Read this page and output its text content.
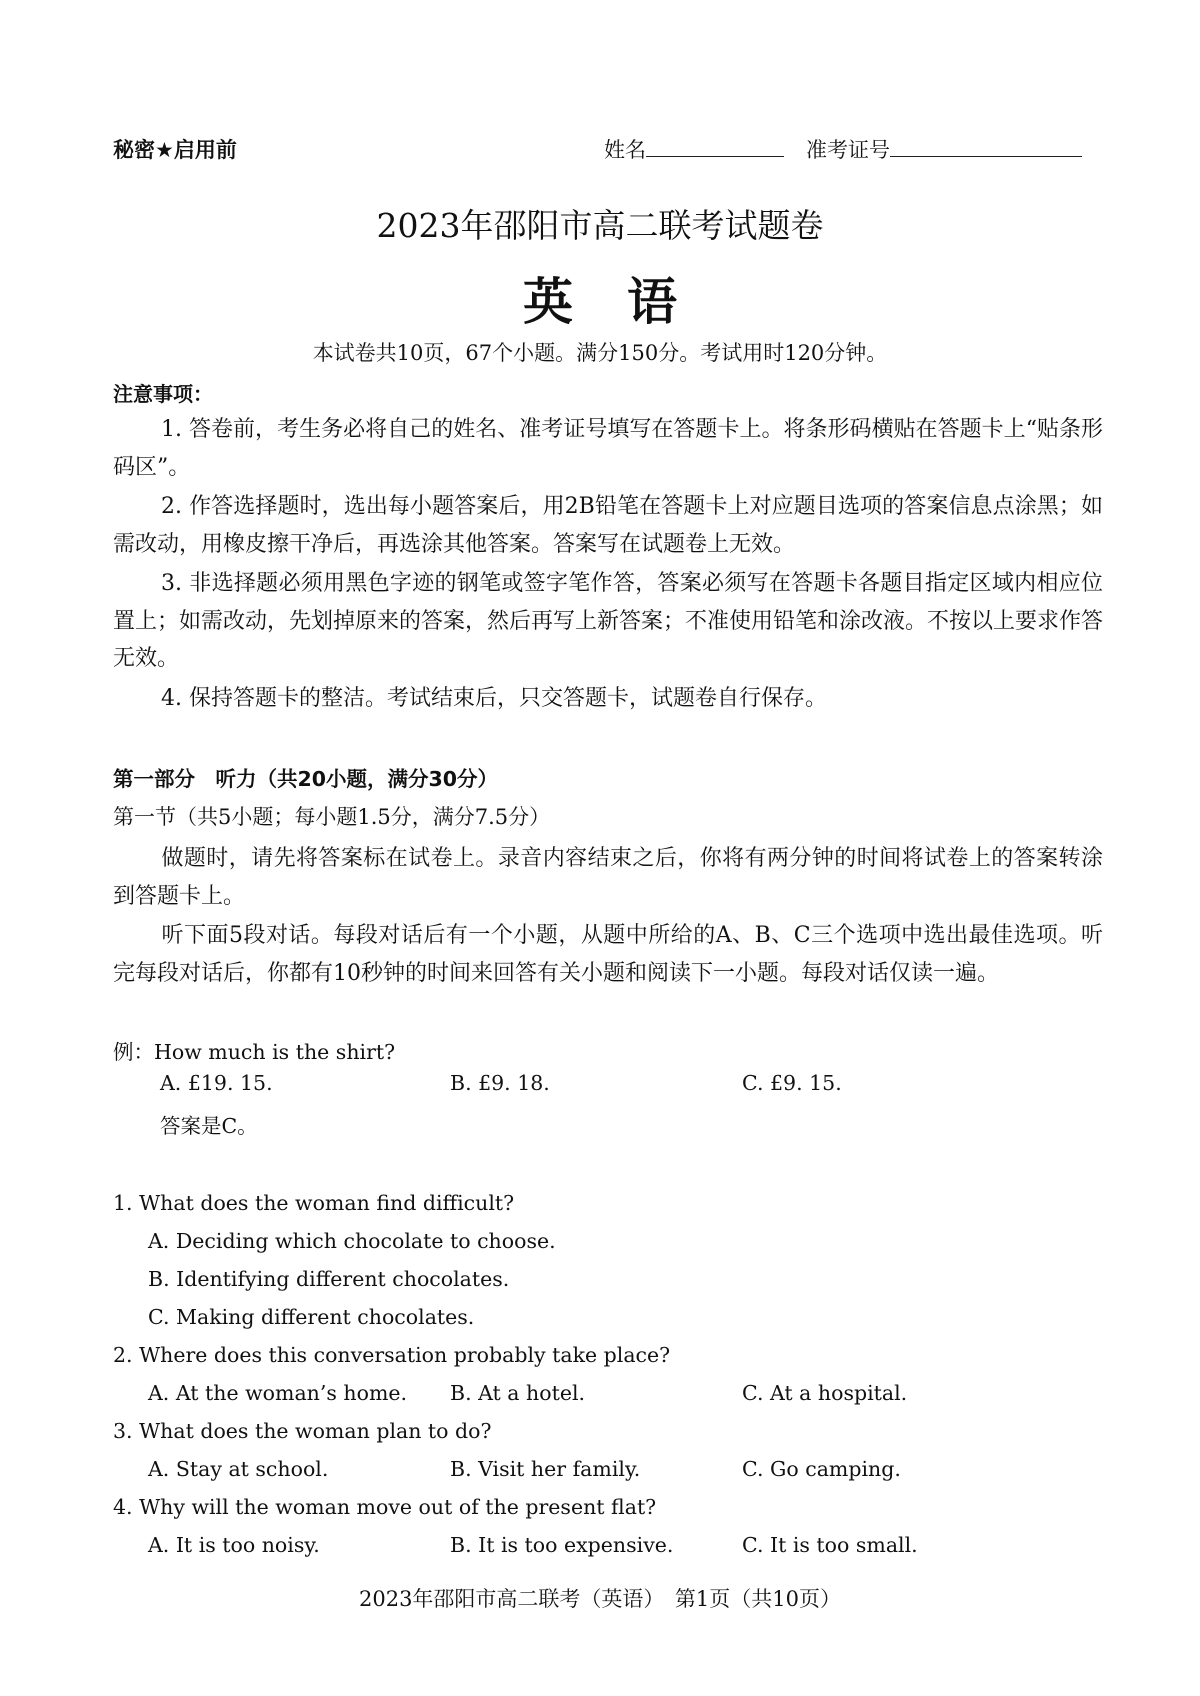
秘密★启用前	姓名	准考证号
2023年邵阳市高二联考试题卷
英语
本试卷共10页，67个小题。满分150分。考试用时120分钟。
注意事项：
1. 答卷前，考生务必将自己的姓名、准考证号填写在答题卡上。将条形码横贴在答题卡上“贴条形码区”。
2. 作答选择题时，选出每小题答案后，用2B铅笔在答题卡上对应题目选项的答案信息点涂黑；如需改动，用橡皮擦干净后，再选涂其他答案。答案写在试题卷上无效。
3. 非选择题必须用黑色字迹的钢笔或签字笔作答，答案必须写在答题卡各题目指定区域内相应位置上；如需改动，先划掉原来的答案，然后再写上新答案；不准使用铅笔和涂改液。不按以上要求作答无效。
4. 保持答题卡的整洁。考试结束后，只交答题卡，试题卷自行保存。
第一部分　听力（共20小题，满分30分）
第一节（共5小题；每小题1.5分，满分7.5分）
做题时，请先将答案标在试卷上。录音内容结束之后，你将有两分钟的时间将试卷上的答案转涂到答题卡上。
听下面5段对话。每段对话后有一个小题，从题中所给的A、B、C三个选项中选出最佳选项。听完每段对话后，你都有10秒钟的时间来回答有关小题和阅读下一小题。每段对话仅读一遍。
例：How much is the shirt?
A. £19. 15.	B. £9. 18.	C. £9. 15.
答案是C。
1. What does the woman find difficult?
A. Deciding which chocolate to choose.
B. Identifying different chocolates.
C. Making different chocolates.
2. Where does this conversation probably take place?
A. At the woman’s home. B. At a hotel.	C. At a hospital.
3. What does the woman plan to do?
A. Stay at school.	B. Visit her family.	C. Go camping.
4. Why will the woman move out of the present flat?
A. It is too noisy.	B. It is too expensive.	C. It is too small.
2023年邵阳市高二联考（英语）　第1页（共10页）
